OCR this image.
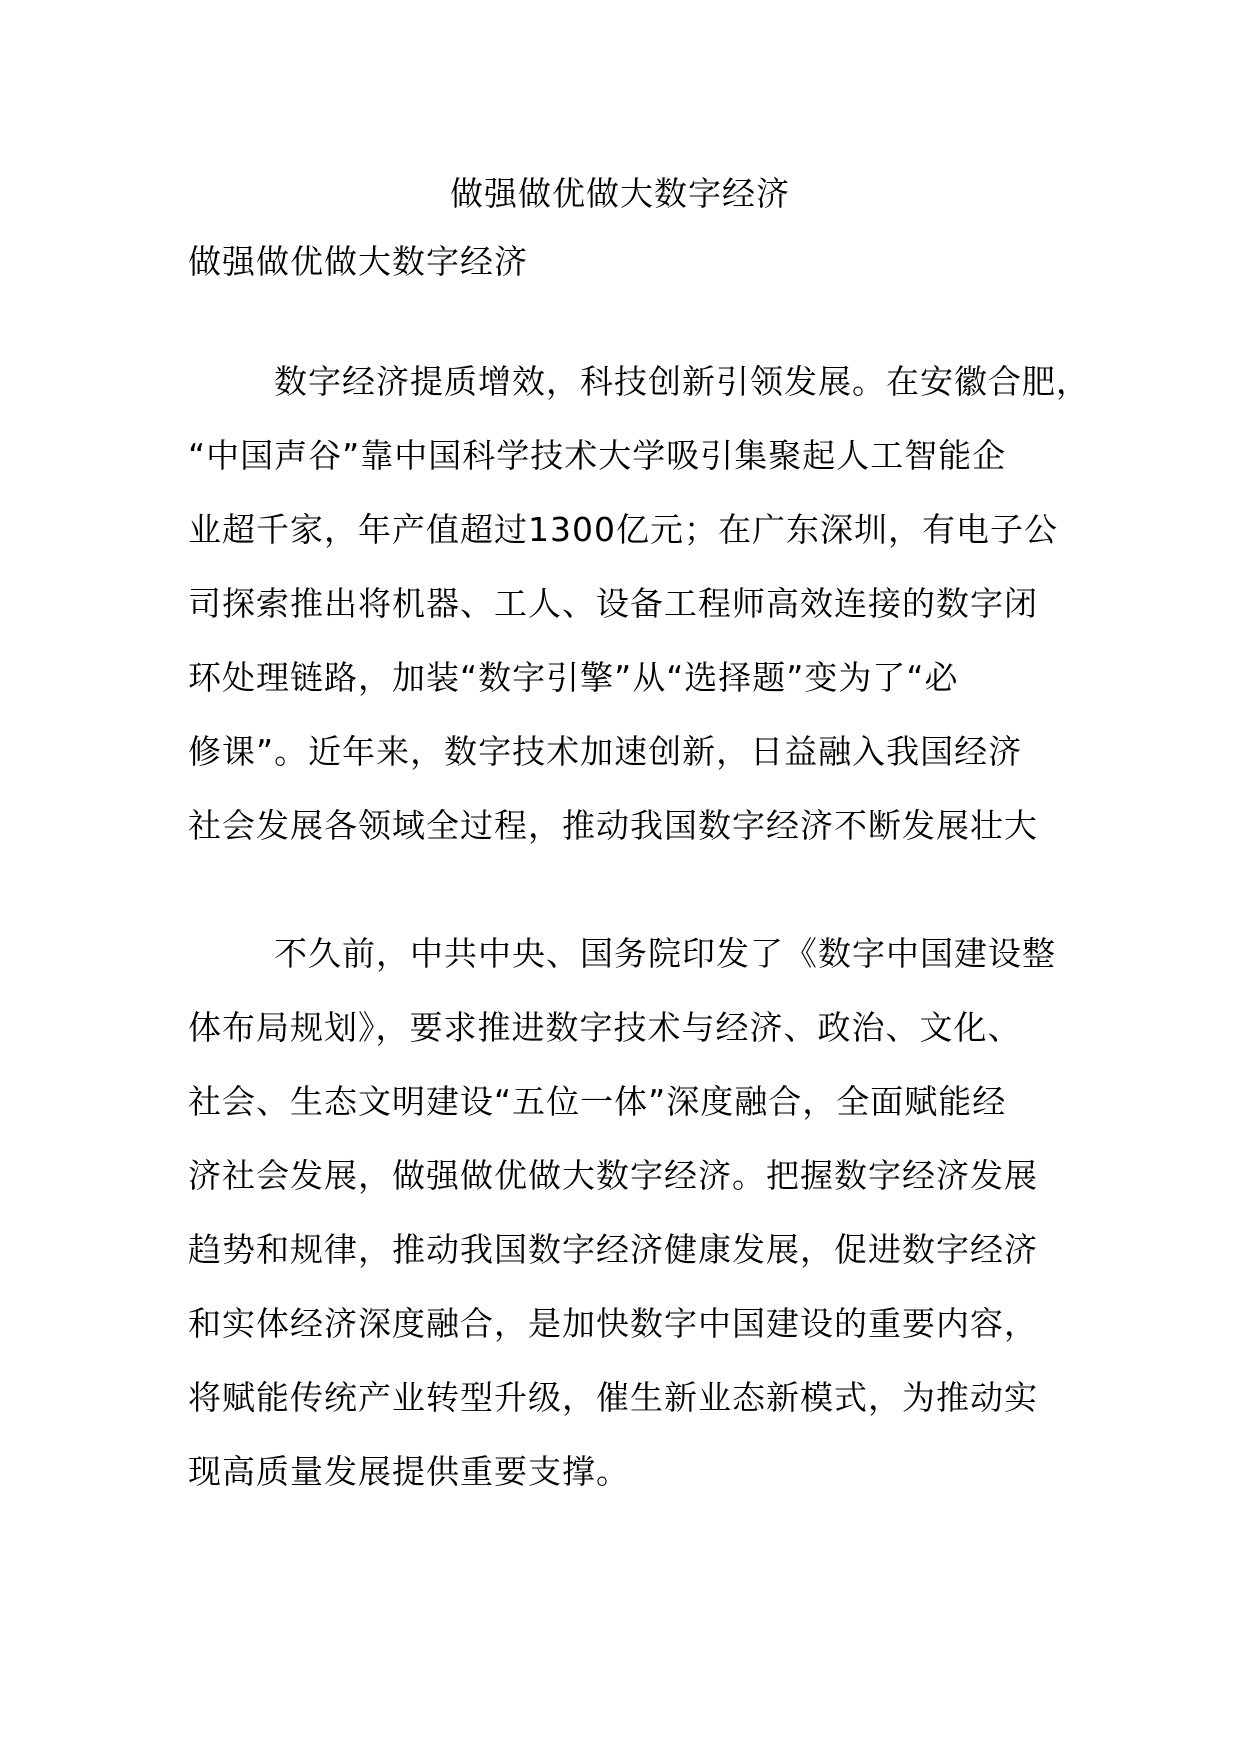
做强做优做大数字经济

做强做优做大数字经济

数字经济提质增效，科技创新引领发展。在安徽合肥，
“中国声谷”靠中国科学技术大学吸引集聚起人工智能企
业超千家，年产值超过1300亿元；在广东深圳，有电子公
司探索推出将机器、工人、设备工程师高效连接的数字闭
环处理链路，加装“数字引擎”从“选择题”变为了“必
修课”。近年来，数字技术加速创新，日益融入我国经济
社会发展各领域全过程，推动我国数字经济不断发展壮大
不久前，中共中央、国务院印发了《数字中国建设整
体布局规划》，要求推进数字技术与经济、政治、文化、
社会、生态文明建设“五位一体”深度融合，全面赋能经
济社会发展，做强做优做大数字经济。把握数字经济发展
趋势和规律，推动我国数字经济健康发展，促进数字经济
和实体经济深度融合，是加快数字中国建设的重要内容，
将赋能传统产业转型升级，催生新业态新模式，为推动实
现高质量发展提供重要支撑。
